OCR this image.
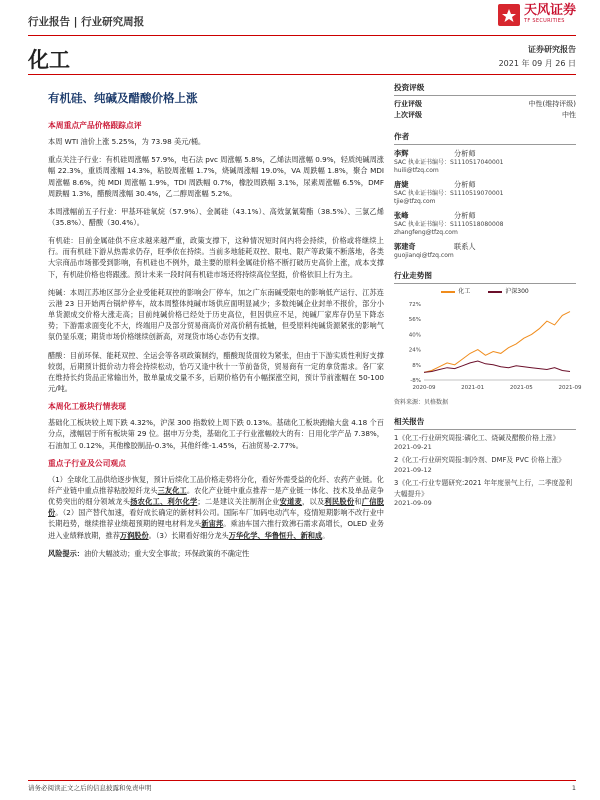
行业报告 | 行业研究周报
天风证券
TF SECURITIES
化工	证券研究报告
2021 年 09 月 26 日
有机硅、纯碱及醋酸价格上涨
本周重点产品价格跟踪点评

本周 WTI 油价上涨 5.25%，为 73.98 美元/桶。

重点关注子行业：有机硅周涨幅 57.9%，电石法 pvc 周涨幅 5.8%，乙烯法周涨幅 0.9%，轻质纯碱周涨幅 22.3%，重质周涨幅 14.3%，粘胶周涨幅 1.7%，烧碱周涨幅 19.0%，VA 周跌幅 1.8%，聚合 MDI 周涨幅 8.6%，纯 MDI 周涨幅 1.9%，TDI 周跌幅 0.7%，橡胶周跌幅 3.1%，尿素周涨幅 6.5%，DMF 周跌幅 1.3%，醋酸周涨幅 30.4%，乙二醇周涨幅 5.2%。

本周涨幅前五子行业：甲基环硅氧烷（57.9%）、金属硅（43.1%）、高效氯氰菊酯（38.5%）、三氯乙烯（35.8%）、醋酸（30.4%）。

有机硅：目前金属硅供不应求越来越严重，政策支撑下，这种情况短时间内将会持续，价格或将继续上行。而有机硅下游从热需求仍存，旺季依在持续。当前多地能耗双控、限电、限产等政策不断落地，各类大宗商品市场都受到影响，有机硅也不例外，最主要的原料金属硅价格不断打破历史高价上涨，成本支撑下，有机硅价格也将跟涨。预计未来一段时间有机硅市场还将持续高位坚挺，价格依旧上行为主。

纯碱：本周江苏地区部分企业受能耗双控的影响会厂停车，加之广东南碱受限电的影响低产运行、江苏连云港 23 日开始两台锅炉停车，故本周整体纯碱市场供应面明显减少；多数纯碱企业封单不报价，部分小单货源成交价格大涨走高；目前纯碱价格已经处于历史高位，但因供应不足，纯碱厂家库存仍呈下降态势；下游需求面变化不大，终端用户及部分贸易商高价对高价稍有抵触，但受原料纯碱货源紧张的影响气氛仍显乐观；期货市场价格继续创新高，对现货市场心态仍有支撑。

醋酸：目前环保、能耗双控、全运会等各项政策制约，醋酸现货面较为紧张，但由于下游实质性利好支撑较弱，后期预计挺价动力将会持续松动，恰巧又逢中秋十一节前备货，贸易商有一定的拿货需求。各厂家在维持长约货品正常输出外，散单量成交量不多，后期价格仍有小幅探涨空间，预计节前涨幅在 50-100 元/吨。

本周化工板块行情表现

基础化工板块较上周下跌 4.32%，沪深 300 指数较上周下跌 0.13%。基础化工板块跑输大盘 4.18 个百分点，涨幅居于所有板块第 29 位。据申万分类，基础化工子行业涨幅较大的有：日用化学产品 7.38%，石油加工 0.12%，其他橡胶制品-0.3%，其他纤维-1.45%，石油贸易-2.77%。

重点子行业及公司观点

（1）全球化工品供给逐步恢复，预计后续化工品价格走势将分化，看好外需受益的化纤、农药产业链。化纤产业链中重点推荐粘胶短纤龙头三友化工。农化产业链中重点推荐一是产业链一体化、技术及单品竞争优势突出的细分领域龙头扬农化工、利尔化学；二是建议关注制剂企业安道麦，以及利民股份和广信股份。（2）国产替代加速，看好成长确定的新材料公司。国际车厂加码电动汽车，疫情短期影响不改行业中长期趋势，继续推荐业绩超预期的锂电材料龙头新宙邦。乘油车国六推行致沸石需求高增长，OLED 业务进入业绩释放期，推荐万润股份。（3）长期看好细分龙头万华化学、华鲁恒升、新和成。

风险提示：油价大幅波动；重大安全事故；环保政策的不确定性

投资评级
行业评级	中性(维持评级)
上次评级	中性
作者
李辉	分析师
SAC 执业证书编号：S1110517040001
huili@tfzq.com
唐婕	分析师
SAC 执业证书编号：S1110519070001
tjie@tfzq.com
张峰	分析师
SAC 执业证书编号：S1110518080008
zhangfeng@tfzq.com
郭建奇	联系人
guojianqi@tfzq.com
行业走势图
化工	沪深300
72%
56%
40%
24%
8%
-8%
2020-09	2021-01	2021-05	2021-09
资料来源：贝格数据
相关报告
1《化工-行业研究周报:磷化工、烧碱及醋酸价格上涨》
2021-09-21
2《化工-行业研究周报:制冷剂、DMF及 PVC 价格上涨》
2021-09-12
3《化工-行业专题研究:2021 年年度景气上行，二季度盈利大幅提升》
2021-09-09
请务必阅读正文之后的信息披露和免责申明	1
